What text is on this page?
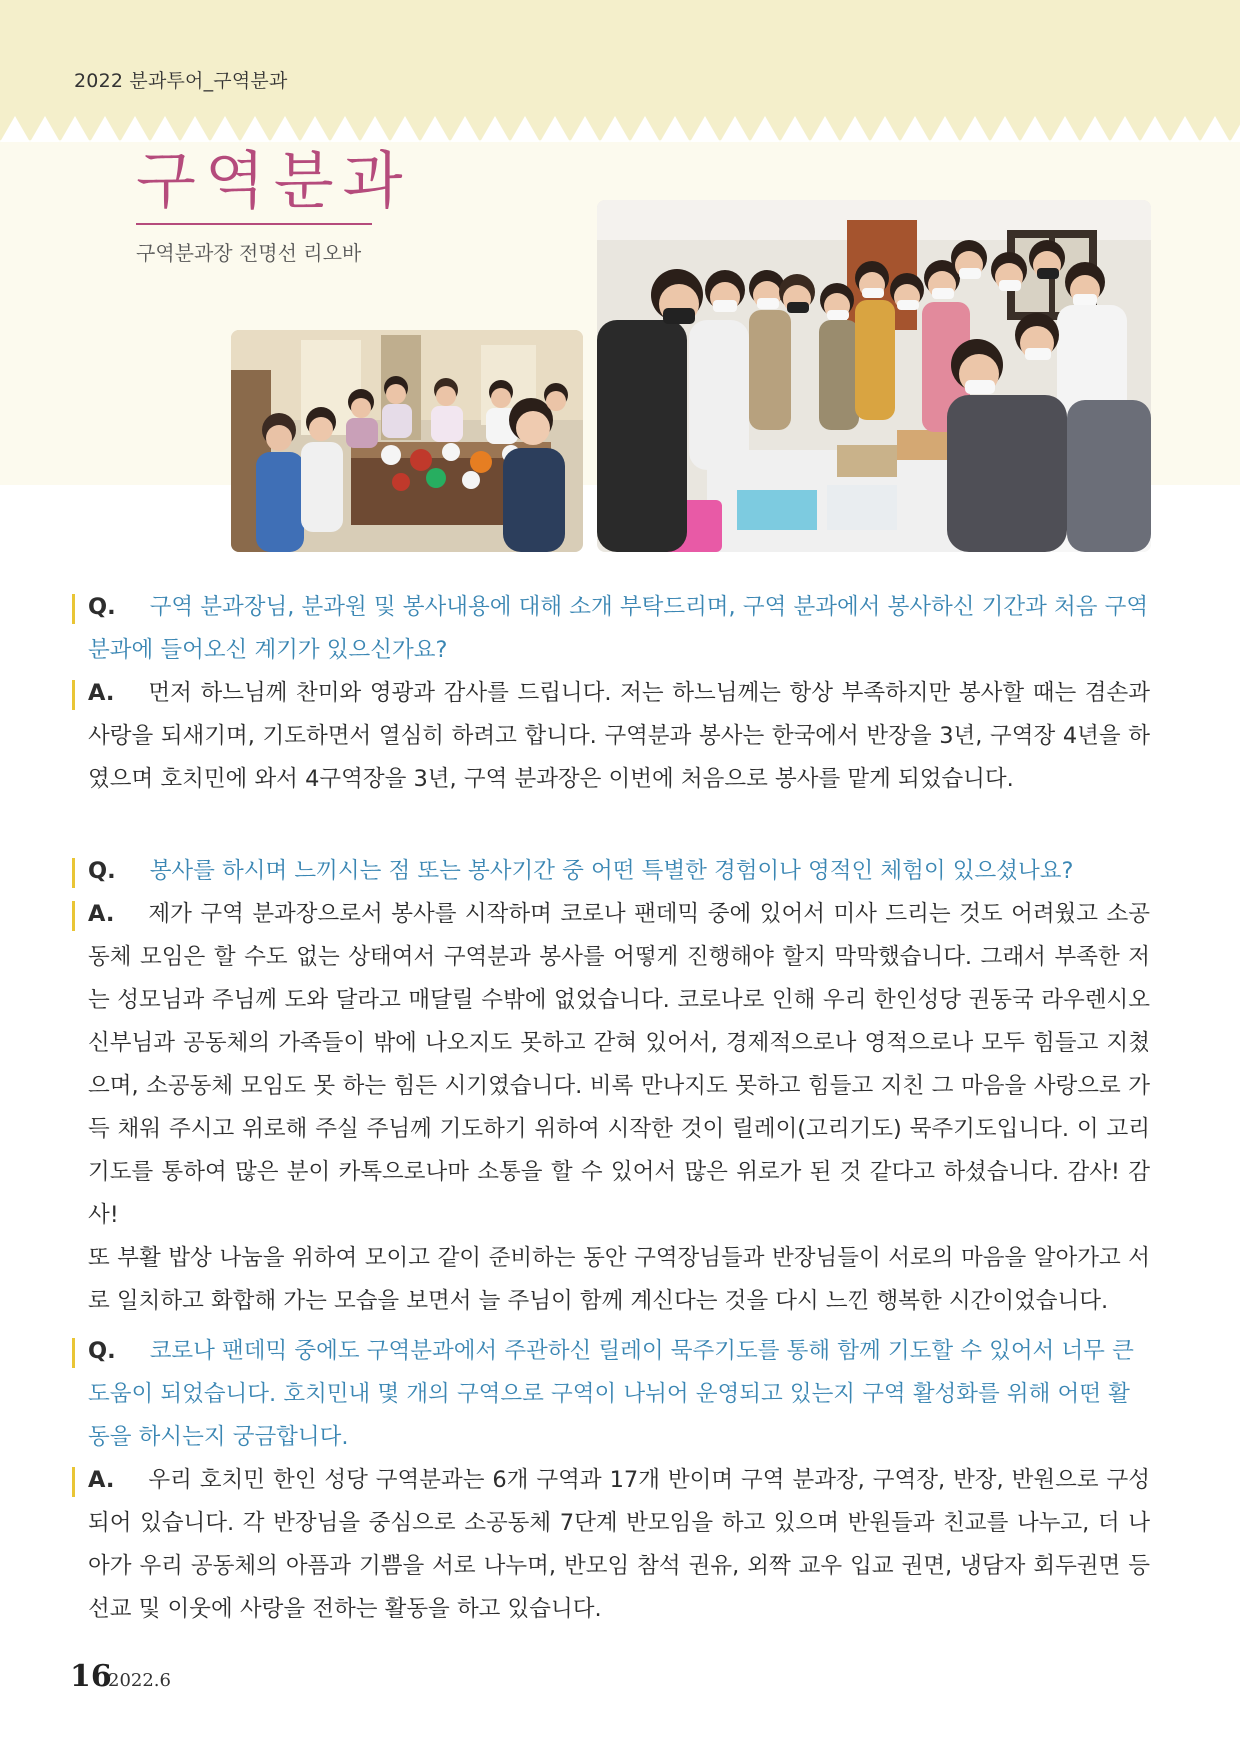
2022 분과투어_구역분과
구역분과
구역분과장 전명선 리오바

Q. 구역 분과장님, 분과원 및 봉사내용에 대해 소개 부탁드리며, 구역 분과에서 봉사하신 기간과 처음 구역 분과에 들어오신 계기가 있으신가요?

A. 먼저 하느님께 찬미와 영광과 감사를 드립니다. 저는 하느님께는 항상 부족하지만 봉사할 때는 겸손과 사랑을 되새기며, 기도하면서 열심히 하려고 합니다. 구역분과 봉사는 한국에서 반장을 3년, 구역장 4년을 하였으며 호치민에 와서 4구역장을 3년, 구역 분과장은 이번에 처음으로 봉사를 맡게 되었습니다.

Q. 봉사를 하시며 느끼시는 점 또는 봉사기간 중 어떤 특별한 경험이나 영적인 체험이 있으셨나요?

A. 제가 구역 분과장으로서 봉사를 시작하며 코로나 팬데믹 중에 있어서 미사 드리는 것도 어려웠고 소공동체 모임은 할 수도 없는 상태여서 구역분과 봉사를 어떻게 진행해야 할지 막막했습니다. 그래서 부족한 저는 성모님과 주님께 도와 달라고 매달릴 수밖에 없었습니다. 코로나로 인해 우리 한인성당 권동국 라우렌시오 신부님과 공동체의 가족들이 밖에 나오지도 못하고 갇혀 있어서, 경제적으로나 영적으로나 모두 힘들고 지쳤으며, 소공동체 모임도 못 하는 힘든 시기였습니다. 비록 만나지도 못하고 힘들고 지친 그 마음을 사랑으로 가득 채워 주시고 위로해 주실 주님께 기도하기 위하여 시작한 것이 릴레이(고리기도) 묵주기도입니다. 이 고리기도를 통하여 많은 분이 카톡으로나마 소통을 할 수 있어서 많은 위로가 된 것 같다고 하셨습니다. 감사! 감사!

또 부활 밥상 나눔을 위하여 모이고 같이 준비하는 동안 구역장님들과 반장님들이 서로의 마음을 알아가고 서로 일치하고 화합해 가는 모습을 보면서 늘 주님이 함께 계신다는 것을 다시 느낀 행복한 시간이었습니다.

Q. 코로나 팬데믹 중에도 구역분과에서 주관하신 릴레이 묵주기도를 통해 함께 기도할 수 있어서 너무 큰 도움이 되었습니다. 호치민내 몇 개의 구역으로 구역이 나뉘어 운영되고 있는지 구역 활성화를 위해 어떤 활동을 하시는지 궁금합니다.

A. 우리 호치민 한인 성당 구역분과는 6개 구역과 17개 반이며 구역 분과장, 구역장, 반장, 반원으로 구성되어 있습니다. 각 반장님을 중심으로 소공동체 7단계 반모임을 하고 있으며 반원들과 친교를 나누고, 더 나아가 우리 공동체의 아픔과 기쁨을 서로 나누며, 반모임 참석 권유, 외짝 교우 입교 권면, 냉담자 회두권면 등 선교 및 이웃에 사랑을 전하는 활동을 하고 있습니다.

16
2022.6
